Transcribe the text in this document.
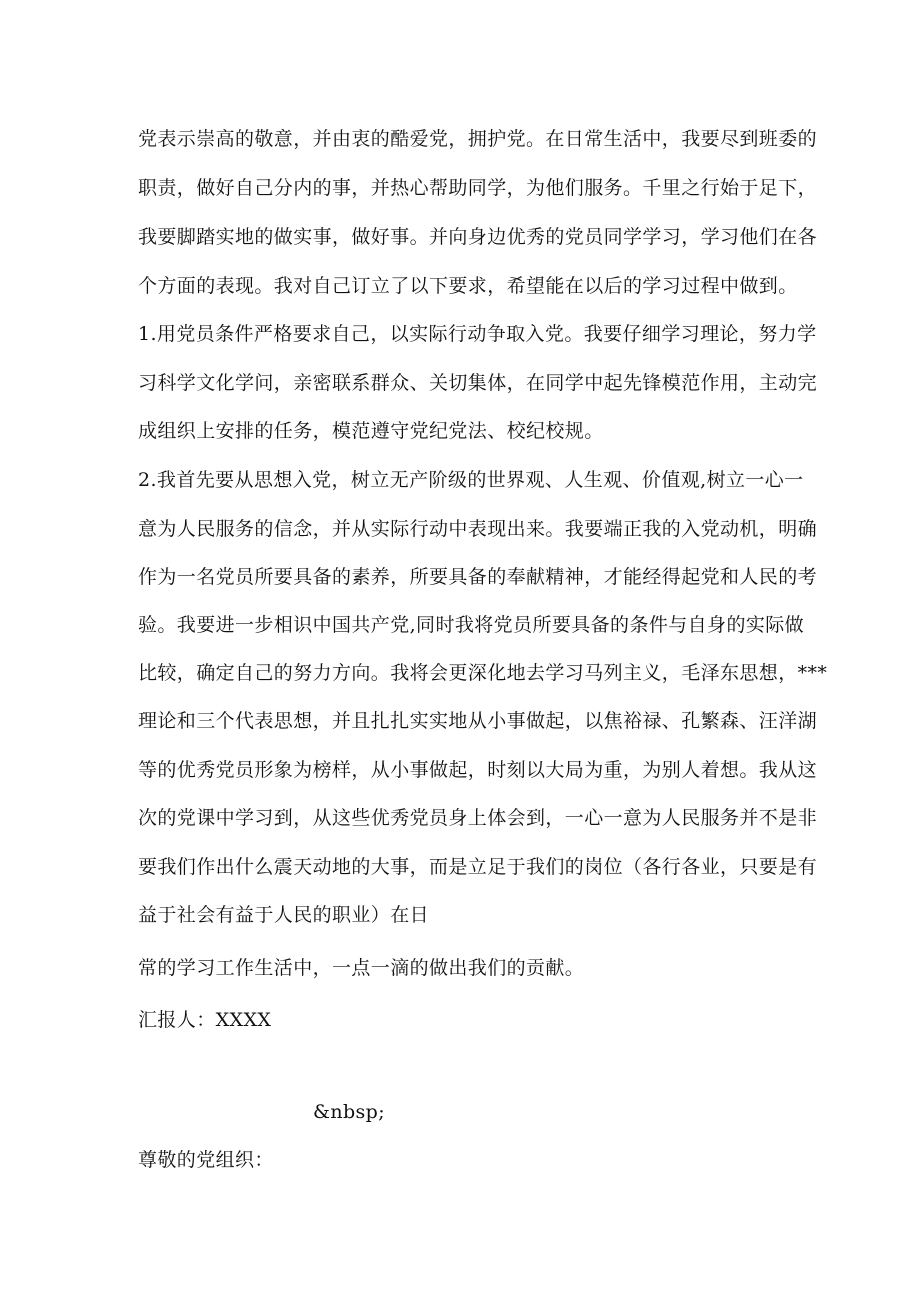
党表示崇高的敬意，并由衷的酷爱党，拥护党。在日常生活中，我要尽到班委的

职责，做好自己分内的事，并热心帮助同学，为他们服务。千里之行始于足下，

我要脚踏实地的做实事，做好事。并向身边优秀的党员同学学习，学习他们在各

个方面的表现。我对自己订立了以下要求，希望能在以后的学习过程中做到。

1.用党员条件严格要求自己，以实际行动争取入党。我要仔细学习理论，努力学

习科学文化学问，亲密联系群众、关切集体，在同学中起先锋模范作用，主动完

成组织上安排的任务，模范遵守党纪党法、校纪校规。

2.我首先要从思想入党，树立无产阶级的世界观、人生观、价值观,树立一心一

意为人民服务的信念，并从实际行动中表现出来。我要端正我的入党动机，明确

作为一名党员所要具备的素养，所要具备的奉献精神，才能经得起党和人民的考

验。我要进一步相识中国共产党,同时我将党员所要具备的条件与自身的实际做

比较，确定自己的努力方向。我将会更深化地去学习马列主义，毛泽东思想，***

理论和三个代表思想，并且扎扎实实地从小事做起，以焦裕禄、孔繁森、汪洋湖

等的优秀党员形象为榜样，从小事做起，时刻以大局为重，为别人着想。我从这

次的党课中学习到，从这些优秀党员身上体会到，一心一意为人民服务并不是非

要我们作出什么震天动地的大事，而是立足于我们的岗位（各行各业，只要是有

益于社会有益于人民的职业）在日

常的学习工作生活中，一点一滴的做出我们的贡献。

汇报人：XXXX

&nbsp;

尊敬的党组织：
